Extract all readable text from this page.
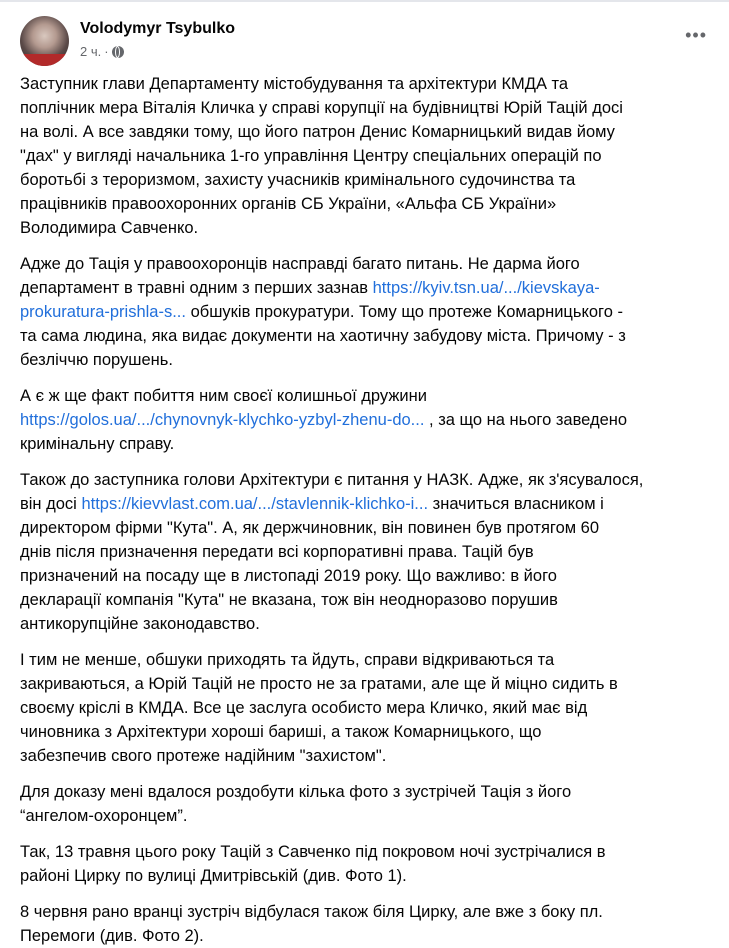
Volodymyr Tsybulko
2 ч. ·
•••

Заступник глави Департаменту містобудування та архітектури КМДА та
поплічник мера Віталія Кличка у справі корупції на будівництві Юрій Тацій досі
на волі. А все завдяки тому, що його патрон Денис Комарницький видав йому
"дах" у вигляді начальника 1-го управління Центру спеціальних операцій по
боротьбі з тероризмом, захисту учасників кримінального судочинства та
працівників правоохоронних органів СБ України, «Альфа СБ України»
Володимира Савченко.

Адже до Тація у правоохоронців насправді багато питань. Не дарма його
департамент в травні одним з перших зазнав https://kyiv.tsn.ua/.../kievskaya-
prokuratura-prishla-s... обшуків прокуратури. Тому що протеже Комарницького -
та сама людина, яка видає документи на хаотичну забудову міста. Причому - з
безліччю порушень.

А є ж ще факт побиття ним своєї колишньої дружини
https://golos.ua/.../chynovnyk-klychko-yzbyl-zhenu-do... , за що на нього заведено
кримінальну справу.

Також до заступника голови Архітектури є питання у НАЗК. Адже, як з'ясувалося,
він досі https://kievvlast.com.ua/.../stavlennik-klichko-i... значиться власником і
директором фірми "Кута". А, як держчиновник, він повинен був протягом 60
днів після призначення передати всі корпоративні права. Тацій був
призначений на посаду ще в листопаді 2019 року. Що важливо: в його
декларації компанія "Кута" не вказана, тож він неодноразово порушив
антикорупційне законодавство.

І тим не менше, обшуки приходять та йдуть, справи відкриваються та
закриваються, а Юрій Тацій не просто не за гратами, але ще й міцно сидить в
своєму кріслі в КМДА. Все це заслуга особисто мера Кличко, який має від
чиновника з Архітектури хороші бариші, а також Комарницького, що
забезпечив свого протеже надійним "захистом".

Для доказу мені вдалося роздобути кілька фото з зустрічей Тація з його
“ангелом-охоронцем”.

Так, 13 травня цього року Тацій з Савченко під покровом ночі зустрічалися в
районі Цирку по вулиці Дмитрівській (див. Фото 1).

8 червня рано вранці зустріч відбулася також біля Цирку, але вже з боку пл.
Перемоги (див. Фото 2).
